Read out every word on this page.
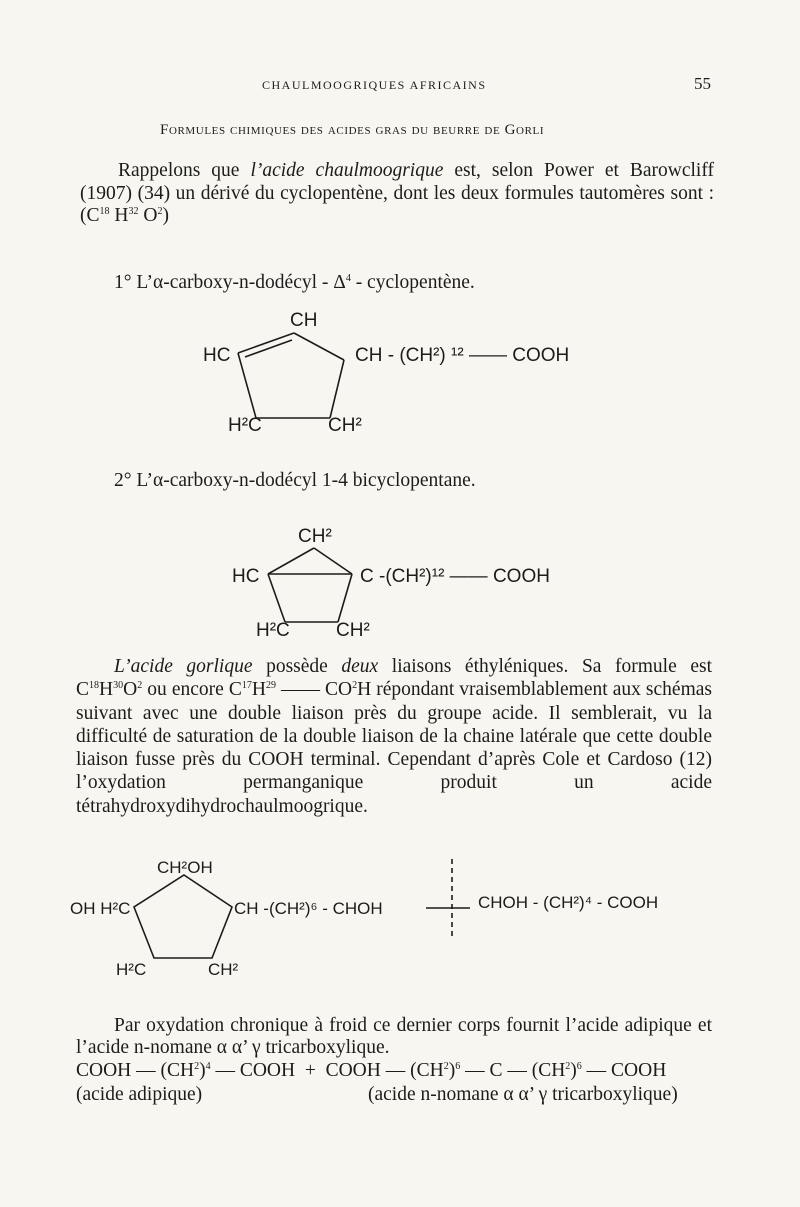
CHAULMOOGRIQUES AFRICAINS	55
Formules chimiques des acides gras du beurre de Gorli

Rappelons que l’acide chaulmoogrique est, selon Power et Barowcliff (1907) (34) un dérivé du cyclopentène, dont les deux formules tautomères sont : ($C^{18}$ $H^{32}$ $O^2$)

1° L’α-carboxy-n-dodécyl - $\Delta^4$ - cyclopentène.
CH
HC	CH - (CH²) ¹² —— COOH
H²C	CH²
2° L’α-carboxy-n-dodécyl 1-4 bicyclopentane.
CH²
HC	C -(CH²)¹² —— COOH
H²C CH²

L’acide gorlique possède deux liaisons éthyléniques. Sa formule est $C^{18}H^{30}O^2$ ou encore $C^{17}H^{29}$ —— $CO^2H$ répondant vraisemblablement aux schémas suivant avec une double liaison près du groupe acide. Il semblerait, vu la difficulté de saturation de la double liaison de la chaine latérale que cette double liaison fusse près du COOH terminal. Cependant d’après Cole et Cardoso (12) l’oxydation permanganique produit un acide tétrahydroxydihydrochaulmoogrique.

CH²OH
OH H²C	CH -(CH²)⁶ - CHOH	CHOH - (CH²)⁴ - COOH
H²C	CH²

Par oxydation chronique à froid ce dernier corps fournit l’acide adipique et l’acide n-nomane α α’ γ tricarboxylique.

COOH — $(CH^2)^4$ — COOH  +  COOH — $(CH^2)^6$ — C — $(CH^2)^6$ — COOH
(acide adipique)	(acide n-nomane α α’ γ tricarboxylique)
